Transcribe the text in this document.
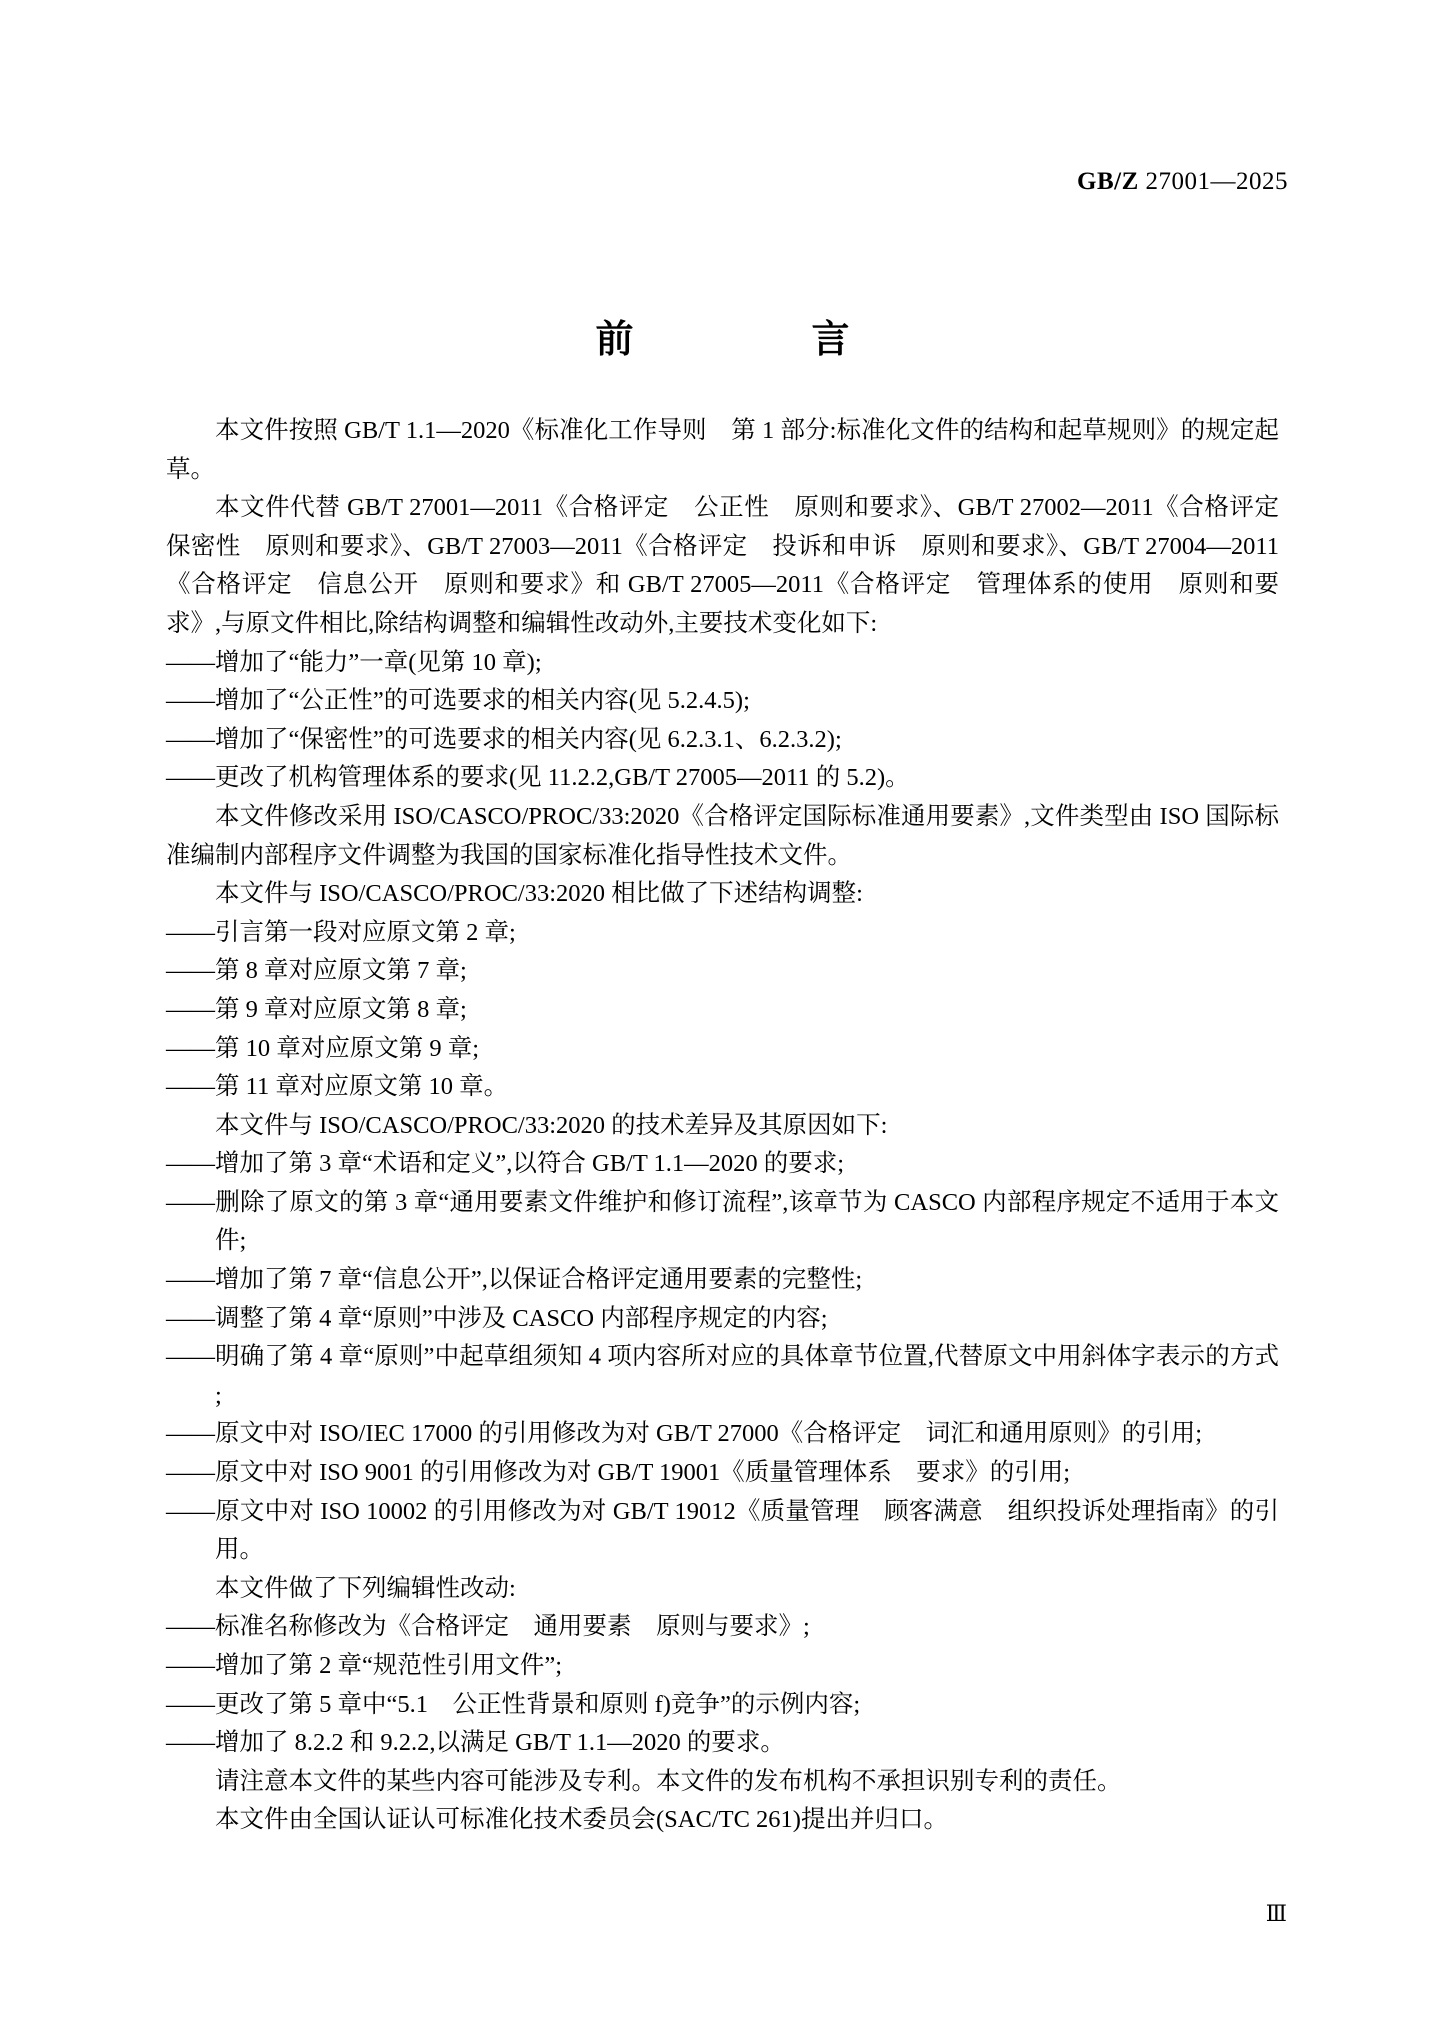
GB/Z 27001—2025
前　　言

本文件按照 GB/T 1.1—2020《标准化工作导则　第 1 部分:标准化文件的结构和起草规则》的规定起草。

本文件代替 GB/T 27001—2011《合格评定　公正性　原则和要求》、GB/T 27002—2011《合格评定　保密性　原则和要求》、GB/T 27003—2011《合格评定　投诉和申诉　原则和要求》、GB/T 27004—2011《合格评定　信息公开　原则和要求》和 GB/T 27005—2011《合格评定　管理体系的使用　原则和要求》,与原文件相比,除结构调整和编辑性改动外,主要技术变化如下:

——增加了“能力”一章(见第 10 章);

——增加了“公正性”的可选要求的相关内容(见 5.2.4.5);

——增加了“保密性”的可选要求的相关内容(见 6.2.3.1、6.2.3.2);

——更改了机构管理体系的要求(见 11.2.2,GB/T 27005—2011 的 5.2)。

本文件修改采用 ISO/CASCO/PROC/33:2020《合格评定国际标准通用要素》,文件类型由 ISO 国际标准编制内部程序文件调整为我国的国家标准化指导性技术文件。

本文件与 ISO/CASCO/PROC/33:2020 相比做了下述结构调整:

——引言第一段对应原文第 2 章;

——第 8 章对应原文第 7 章;

——第 9 章对应原文第 8 章;

——第 10 章对应原文第 9 章;

——第 11 章对应原文第 10 章。

本文件与 ISO/CASCO/PROC/33:2020 的技术差异及其原因如下:

——增加了第 3 章“术语和定义”,以符合 GB/T 1.1—2020 的要求;

——删除了原文的第 3 章“通用要素文件维护和修订流程”,该章节为 CASCO 内部程序规定不适用于本文件;

——增加了第 7 章“信息公开”,以保证合格评定通用要素的完整性;

——调整了第 4 章“原则”中涉及 CASCO 内部程序规定的内容;

——明确了第 4 章“原则”中起草组须知 4 项内容所对应的具体章节位置,代替原文中用斜体字表示的方式 ;

——原文中对 ISO/IEC 17000 的引用修改为对 GB/T 27000《合格评定　词汇和通用原则》的引用;

——原文中对 ISO 9001 的引用修改为对 GB/T 19001《质量管理体系　要求》的引用;

——原文中对 ISO 10002 的引用修改为对 GB/T 19012《质量管理　顾客满意　组织投诉处理指南》的引用。

本文件做了下列编辑性改动:

——标准名称修改为《合格评定　通用要素　原则与要求》;

——增加了第 2 章“规范性引用文件”;

——更改了第 5 章中“5.1　公正性背景和原则 f)竞争”的示例内容;

——增加了 8.2.2 和 9.2.2,以满足 GB/T 1.1—2020 的要求。

请注意本文件的某些内容可能涉及专利。本文件的发布机构不承担识别专利的责任。

本文件由全国认证认可标准化技术委员会(SAC/TC 261)提出并归口。

Ⅲ
